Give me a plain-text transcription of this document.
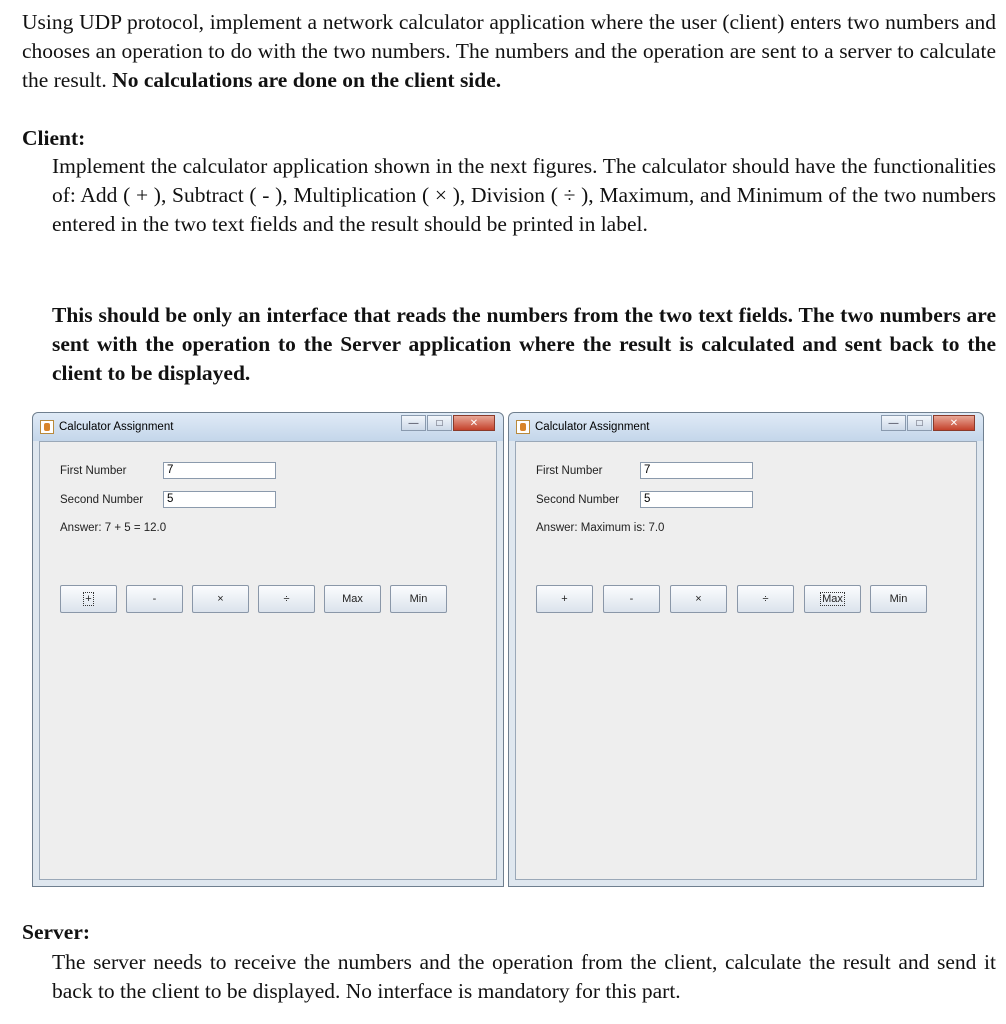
Using UDP protocol, implement a network calculator application where the user (client) enters two numbers and chooses an operation to do with the two numbers. The numbers and the operation are sent to a server to calculate the result. No calculations are done on the client side.

Client:

Implement the calculator application shown in the next figures. The calculator should have the functionalities of: Add ( + ), Subtract ( - ), Multiplication ( × ), Division ( ÷ ), Maximum, and Minimum of the two numbers entered in the two text fields and the result should be printed in label.

This should be only an interface that reads the numbers from the two text fields. The two numbers are sent with the operation to the Server application where the result is calculated and sent back to the client to be displayed.

Calculator Assignment	—	□	✕
First Number	7
Second Number	5
Answer: 7 + 5 = 12.0
+	-	×	÷	Max	Min
Calculator Assignment	—	□	✕
First Number	7
Second Number	5
Answer: Maximum is: 7.0
+	-	×	÷	Max	Min

Server:

The server needs to receive the numbers and the operation from the client, calculate the result and send it back to the client to be displayed. No interface is mandatory for this part.
